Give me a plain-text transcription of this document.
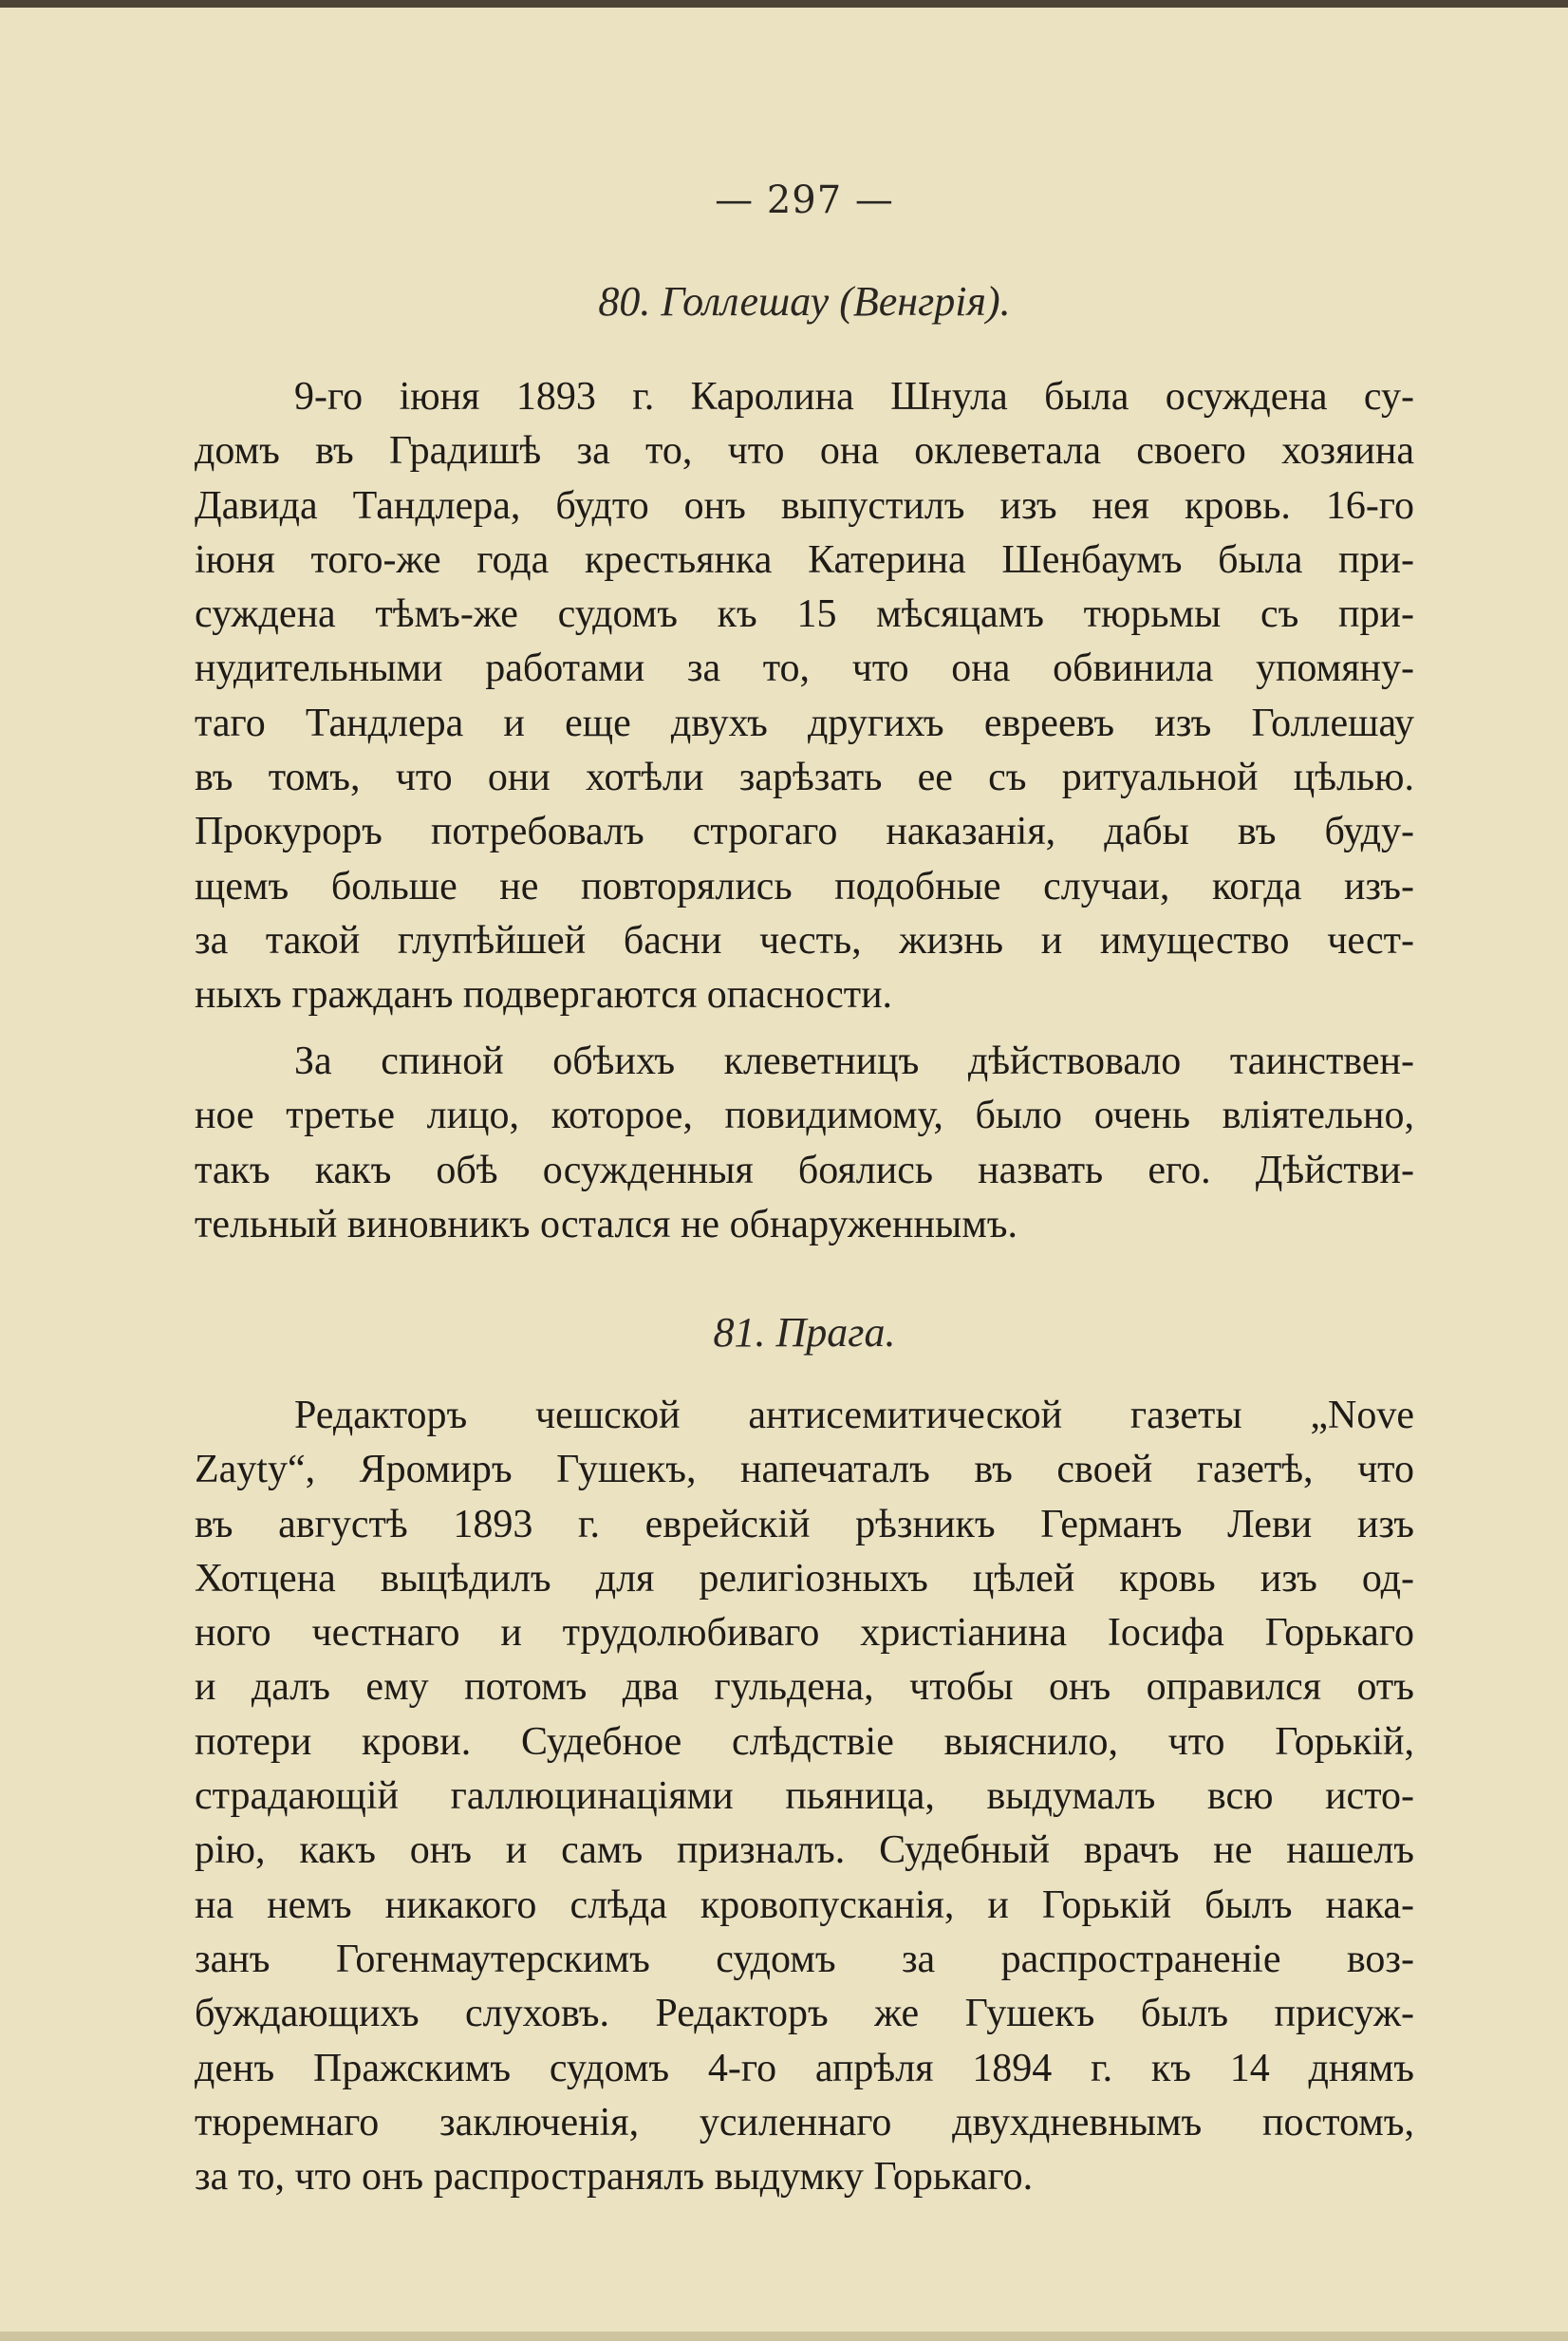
— 297 —
80. Голлешау (Венгрія).
9-го іюня 1893 г. Каролина Шнула была осуждена су-
домъ въ Градишѣ за то, что она оклеветала своего хозяина
Давида Тандлера, будто онъ выпустилъ изъ нея кровь. 16-го
іюня того-же года крестьянка Катерина Шенбаумъ была при-
суждена тѣмъ-же судомъ къ 15 мѣсяцамъ тюрьмы съ при-
нудительными работами за то, что она обвинила упомяну-
таго Тандлера и еще двухъ другихъ евреевъ изъ Голлешау
въ томъ, что они хотѣли зарѣзать ее съ ритуальной цѣлью.
Прокуроръ потребовалъ строгаго наказанія, дабы въ буду-
щемъ больше не повторялись подобные случаи, когда изъ-
за такой глупѣйшей басни честь, жизнь и имущество чест-
ныхъ гражданъ подвергаются опасности.
За спиной обѣихъ клеветницъ дѣйствовало таинствен-
ное третье лицо, которое, повидимому, было очень вліятельно,
такъ какъ обѣ осужденныя боялись назвать его. Дѣйстви-
тельный виновникъ остался не обнаруженнымъ.
81. Прага.
Редакторъ чешской антисемитической газеты „Nove
Zayty“, Яромиръ Гушекъ, напечаталъ въ своей газетѣ, что
въ августѣ 1893 г. еврейскій рѣзникъ Германъ Леви изъ
Хотцена выцѣдилъ для религіозныхъ цѣлей кровь изъ од-
ного честнаго и трудолюбиваго христіанина Іосифа Горькаго
и далъ ему потомъ два гульдена, чтобы онъ оправился отъ
потери крови. Судебное слѣдствіе выяснило, что Горькій,
страдающій галлюцинаціями пьяница, выдумалъ всю исто-
рію, какъ онъ и самъ призналъ. Судебный врачъ не нашелъ
на немъ никакого слѣда кровопусканія, и Горькій былъ нака-
занъ Гогенмаутерскимъ судомъ за распространеніе воз-
буждающихъ слуховъ. Редакторъ же Гушекъ былъ присуж-
денъ Пражскимъ судомъ 4-го апрѣля 1894 г. къ 14 днямъ
тюремнаго заключенія, усиленнаго двухдневнымъ постомъ,
за то, что онъ распространялъ выдумку Горькаго.
